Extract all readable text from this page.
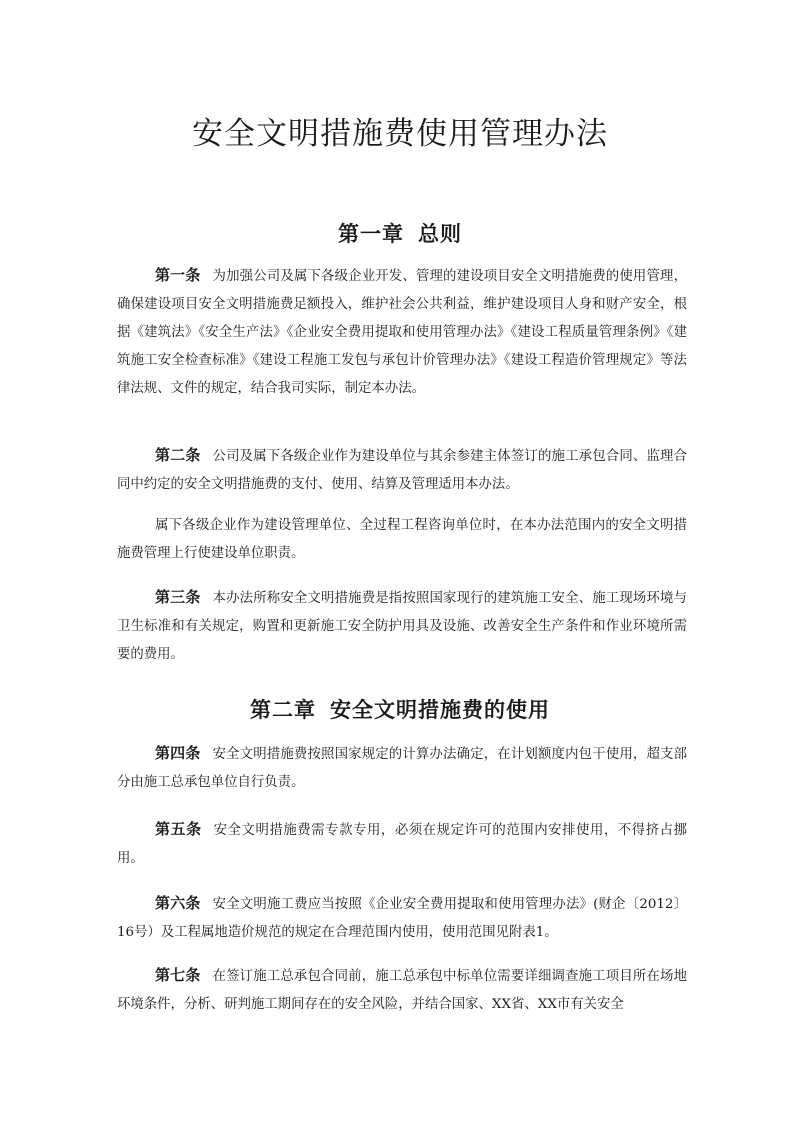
安全文明措施费使用管理办法
第一章 总则

第一条 为加强公司及属下各级企业开发、管理的建设项目安全文明措施费的使用管理，确保建设项目安全文明措施费足额投入，维护社会公共利益，维护建设项目人身和财产安全，根据《建筑法》《安全生产法》《企业安全费用提取和使用管理办法》《建设工程质量管理条例》《建筑施工安全检查标准》《建设工程施工发包与承包计价管理办法》《建设工程造价管理规定》等法律法规、文件的规定，结合我司实际，制定本办法。

第二条 公司及属下各级企业作为建设单位与其余参建主体签订的施工承包合同、监理合同中约定的安全文明措施费的支付、使用、结算及管理适用本办法。

属下各级企业作为建设管理单位、全过程工程咨询单位时，在本办法范围内的安全文明措施费管理上行使建设单位职责。

第三条 本办法所称安全文明措施费是指按照国家现行的建筑施工安全、施工现场环境与卫生标准和有关规定，购置和更新施工安全防护用具及设施、改善安全生产条件和作业环境所需要的费用。

第二章 安全文明措施费的使用

第四条 安全文明措施费按照国家规定的计算办法确定，在计划额度内包干使用，超支部分由施工总承包单位自行负责。

第五条 安全文明措施费需专款专用，必须在规定许可的范围内安排使用，不得挤占挪用。

第六条 安全文明施工费应当按照《企业安全费用提取和使用管理办法》(财企〔2012〕16号）及工程属地造价规范的规定在合理范围内使用，使用范围见附表1。

第七条 在签订施工总承包合同前，施工总承包中标单位需要详细调查施工项目所在场地环境条件，分析、研判施工期间存在的安全风险，并结合国家、XX省、XX市有关安全
